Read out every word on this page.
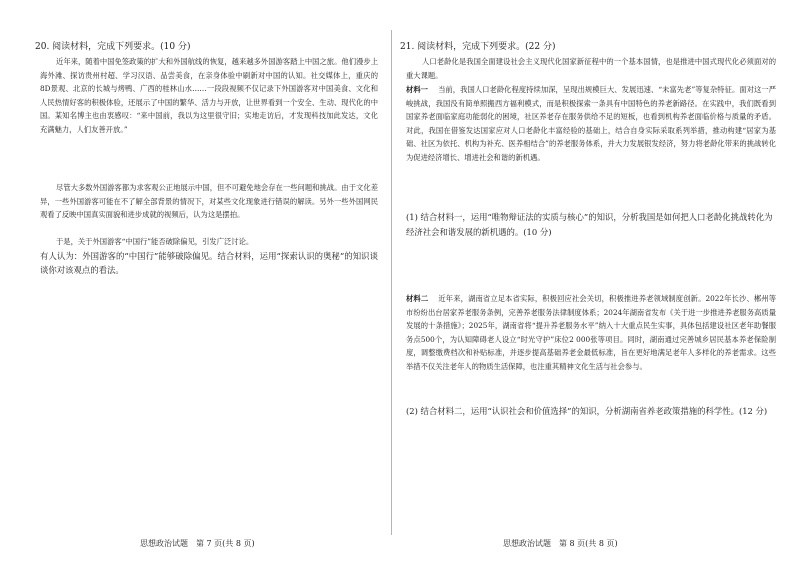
20. 阅读材料，完成下列要求。(10 分)

近年来，随着中国免签政策的扩大和外国航线的恢复，越来越多外国游客踏上中国之旅。他们漫步上海外滩、探访贵州村超、学习汉语、品尝美食，在亲身体验中刷新对中国的认知。社交媒体上，重庆的8D景观、北京的长城与烤鸭、广西的桂林山水……一段段视频不仅记录下外国游客对中国美食、文化和人民热情好客的积极体验，还展示了中国的繁华、活力与开放，让世界看到一个安全、生动、现代化的中国。某知名博主也由衷感叹：“来中国前，我以为这里很守旧；实地走访后，才发现科技加此发达，文化充满魅力，人们友善开放。”

尽管大多数外国游客都为求客观公正地展示中国，但不可避免地会存在一些问题和挑战。由于文化差异，一些外国游客可能在不了解全部背景的情况下，对某些文化现象进行错误的解读。另外一些外国网民观看了反映中国真实面貌和进步成就的视频后，认为这是摆拍。

于是，关于外国游客“中国行”能否破除偏见，引发广泛讨论。

有人认为：外国游客的“中国行”能够破除偏见。结合材料，运用“探索认识的奥秘”的知识谈谈你对该观点的看法。

思想政治试题　第 7 页(共 8 页)

21. 阅读材料，完成下列要求。(22 分)

人口老龄化是我国全面建设社会主义现代化国家新征程中的一个基本国情，也是推进中国式现代化必须面对的重大课题。

材料一 当前，我国人口老龄化程度持续加深，呈现出规模巨大、发展迅速、“未富先老”等复杂特征。面对这一严峻挑战，我国没有简单照搬西方福利模式，而是积极探索一条具有中国特色的养老新路径。在实践中，我们既看到国家养老面临家庭功能弱化的困境，社区养老存在服务供给不足的短板，也看到机构养老面临价格与质量的矛盾。对此，我国在借鉴发达国家应对人口老龄化丰富经验的基础上，结合自身实际采取系列举措，推动构建“居家为基础、社区为依托、机构为补充、医养相结合”的养老服务体系，并大力发展银发经济，努力将老龄化带来的挑战转化为促进经济增长、增进社会和谐的新机遇。

(1) 结合材料一，运用“唯物辩证法的实质与核心”的知识，分析我国是如何把人口老龄化挑战转化为经济社会和谐发展的新机遇的。(10 分)

材料二 近年来，湖南省立足本省实际，积极回应社会关切，积极推进养老领域制度创新。2022年长沙、郴州等市纷纷出台居家养老服务条例，完善养老服务法律制度体系；2024年湖南省发布《关于进一步推进养老服务高质量发展的十条措施》；2025年，湖南省将“提升养老服务水平”纳入十大重点民生实事，具体包括建设社区老年助餐服务点500个，为认知障碍老人设立“时光守护”床位2 000张等项目。同时，湖南通过完善城乡居民基本养老保险制度，调整缴费档次和补贴标准，并逐步提高基础养老金最低标准，旨在更好地满足老年人多样化的养老需求。这些举措不仅关注老年人的物质生活保障，也注重其精神文化生活与社会参与。

(2) 结合材料二，运用“认识社会和价值选择”的知识，分析湖南省养老政策措施的科学性。(12 分)

思想政治试题　第 8 页(共 8 页)
